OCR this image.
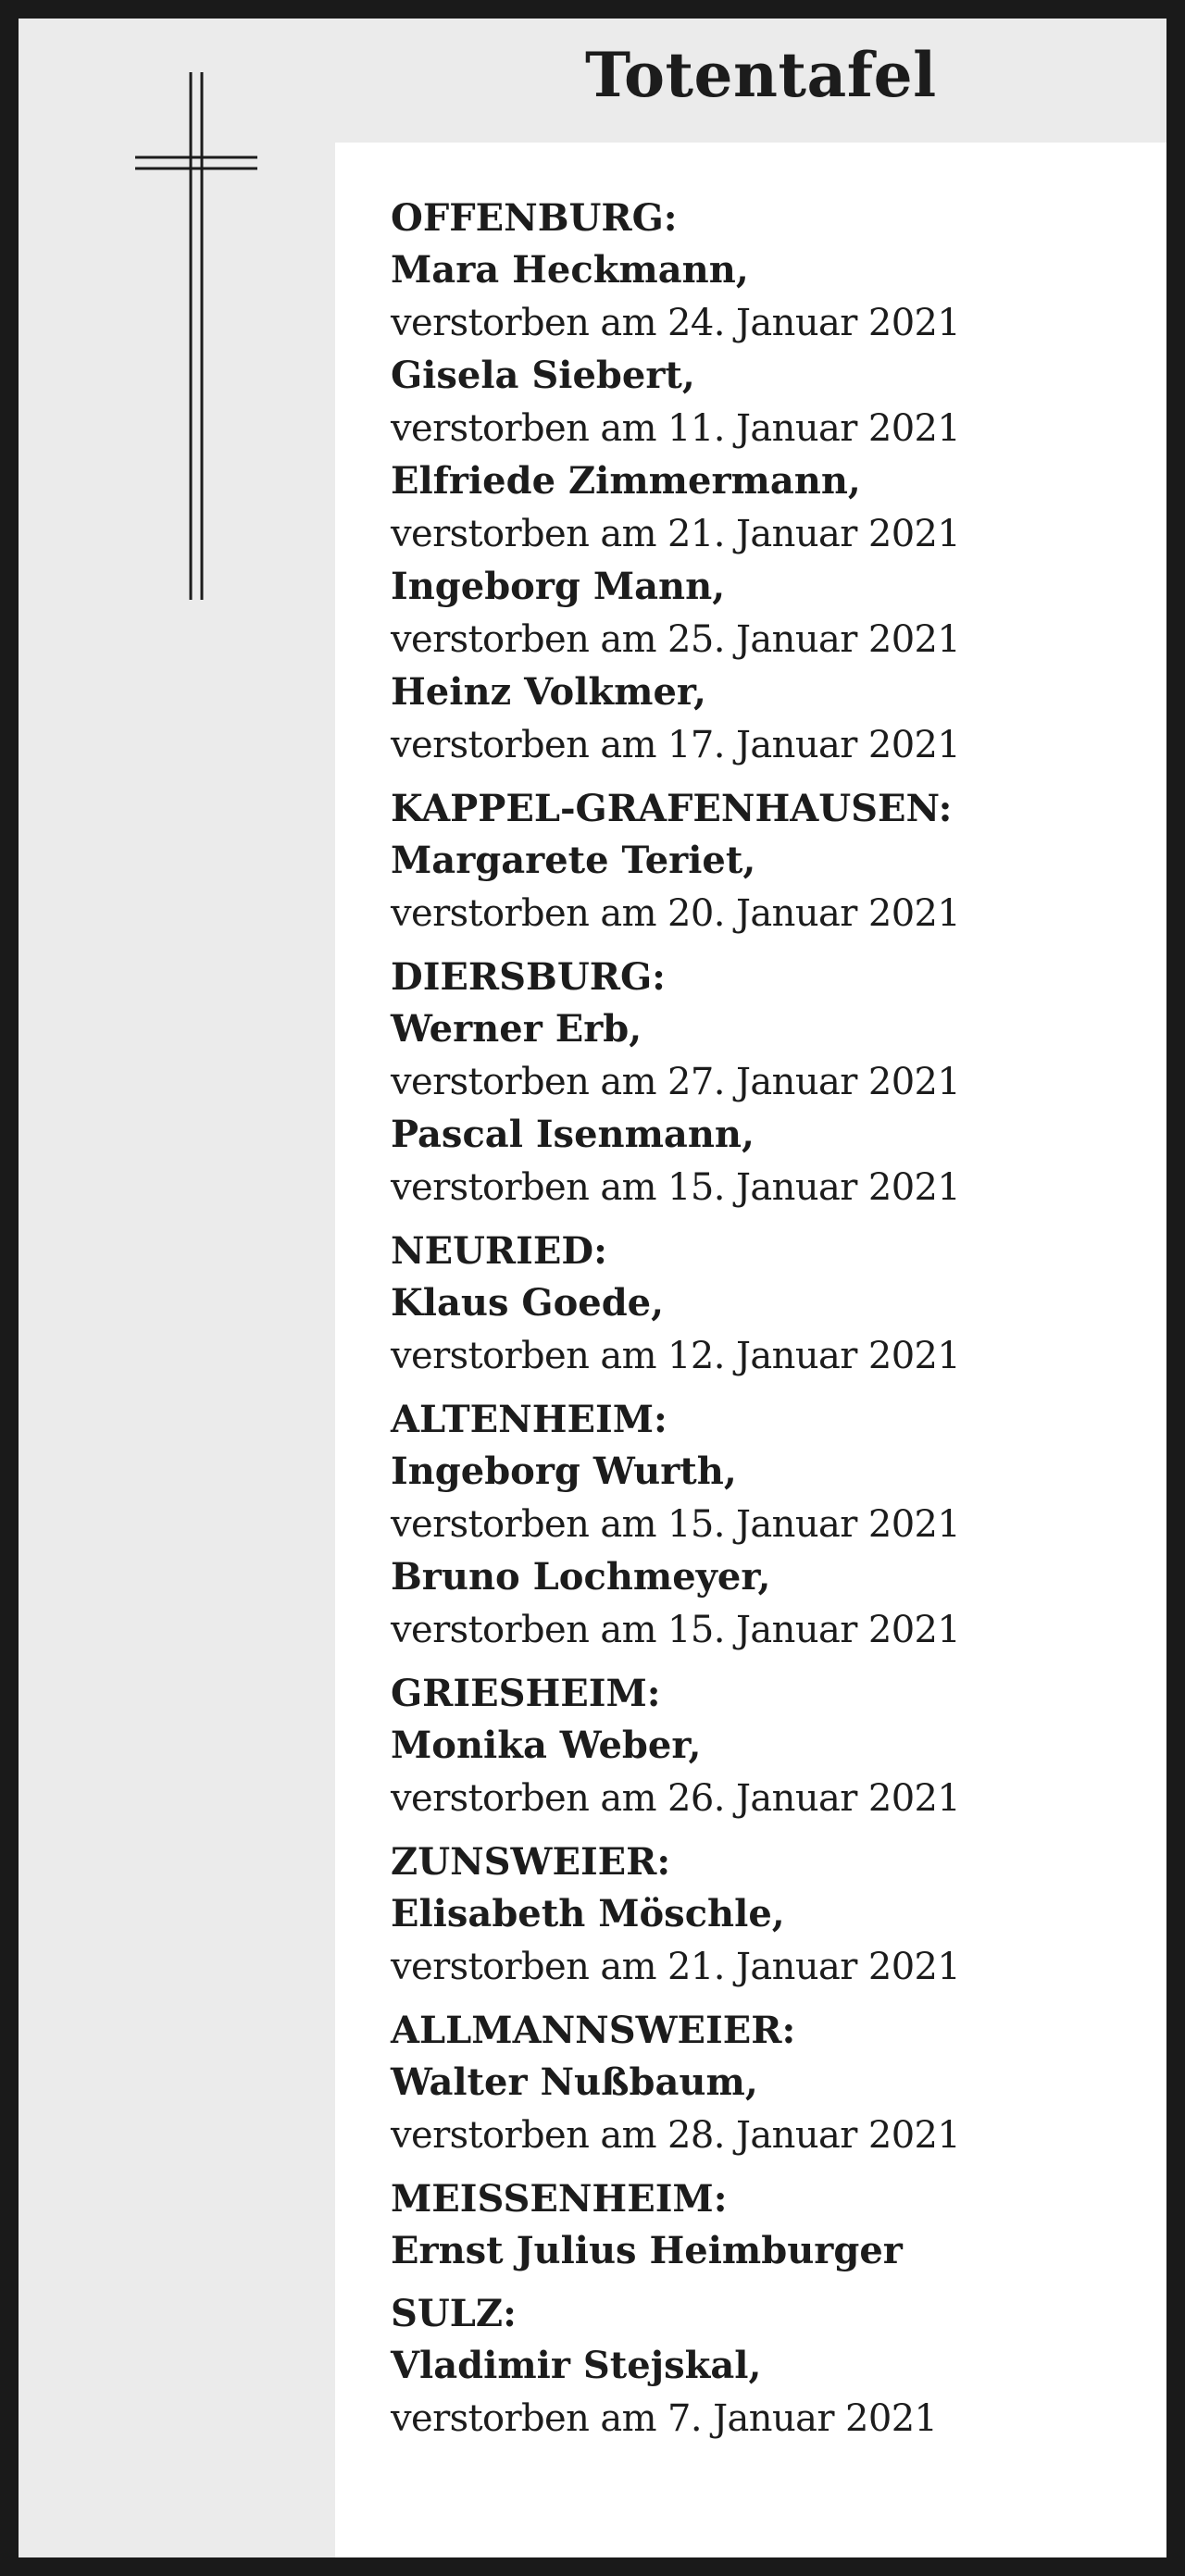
Totentafel
OFFENBURG:
Mara Heckmann,
verstorben am 24. Januar 2021
Gisela Siebert,
verstorben am 11. Januar 2021
Elfriede Zimmermann,
verstorben am 21. Januar 2021
Ingeborg Mann,
verstorben am 25. Januar 2021
Heinz Volkmer,
verstorben am 17. Januar 2021
KAPPEL-GRAFENHAUSEN:
Margarete Teriet,
verstorben am 20. Januar 2021
DIERSBURG:
Werner Erb,
verstorben am 27. Januar 2021
Pascal Isenmann,
verstorben am 15. Januar 2021
NEURIED:
Klaus Goede,
verstorben am 12. Januar 2021
ALTENHEIM:
Ingeborg Wurth,
verstorben am 15. Januar 2021
Bruno Lochmeyer,
verstorben am 15. Januar 2021
GRIESHEIM:
Monika Weber,
verstorben am 26. Januar 2021
ZUNSWEIER:
Elisabeth Möschle,
verstorben am 21. Januar 2021
ALLMANNSWEIER:
Walter Nußbaum,
verstorben am 28. Januar 2021
MEISSENHEIM:
Ernst Julius Heimburger
SULZ:
Vladimir Stejskal,
verstorben am 7. Januar 2021
